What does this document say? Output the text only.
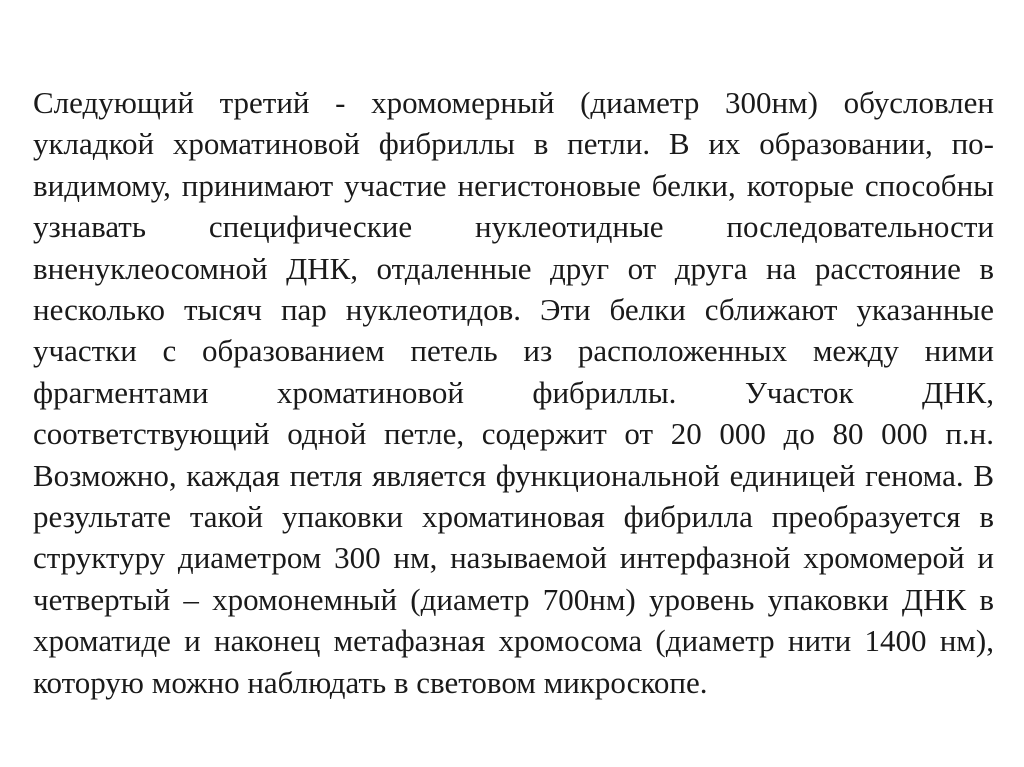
Следующий третий - хромомерный (диаметр 300нм) обусловлен укладкой хроматиновой фибриллы в петли. В их образовании, по-видимому, принимают участие негистоновые белки, которые способны узнавать специфические нуклеотидные последовательности вненуклеосомной ДНК, отдаленные друг от друга на расстояние в несколько тысяч пар нуклеотидов. Эти белки сближают указанные участки с образованием петель из расположенных между ними фрагментами хроматиновой фибриллы. Участок ДНК, соответствующий одной петле, содержит от 20 000 до 80 000 п.н. Возможно, каждая петля является функциональной единицей генома. В результате такой упаковки хроматиновая фибрилла преобразуется в структуру диаметром 300 нм, называемой интерфазной хромомерой и четвертый – хромонемный (диаметр 700нм) уровень упаковки ДНК в хроматиде и наконец метафазная хромосома (диаметр нити 1400 нм), которую можно наблюдать в световом микроскопе.
